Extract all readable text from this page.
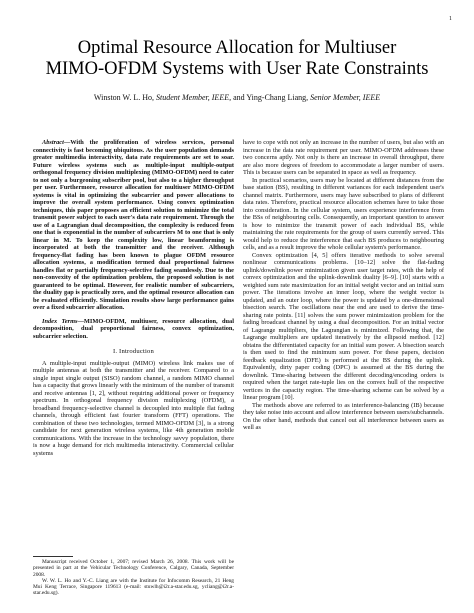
1
Optimal Resource Allocation for Multiuser
MIMO-OFDM Systems with User Rate Constraints
Winston W. L. Ho, Student Member, IEEE, and Ying-Chang Liang, Senior Member, IEEE

Abstract—With the proliferation of wireless services, personal connectivity is fast becoming ubiquitous. As the user population demands greater multimedia interactivity, data rate requirements are set to soar. Future wireless systems such as multiple-input multiple-output orthogonal frequency division multiplexing (MIMO-OFDM) need to cater to not only a burgeoning subscriber pool, but also to a higher throughput per user. Furthermore, resource allocation for multiuser MIMO-OFDM systems is vital in optimizing the subcarrier and power allocations to improve the overall system performance. Using convex optimization techniques, this paper proposes an efficient solution to minimize the total transmit power subject to each user's data rate requirement. Through the use of a Lagrangian dual decomposition, the complexity is reduced from one that is exponential in the number of subcarriers M to one that is only linear in M. To keep the complexity low, linear beamforming is incorporated at both the transmitter and the receiver. Although frequency-flat fading has been known to plague OFDM resource allocation systems, a modification termed dual proportional fairness handles flat or partially frequency-selective fading seamlessly. Due to the non-convexity of the optimization problem, the proposed solution is not guaranteed to be optimal. However, for realistic number of subcarriers, the duality gap is practically zero, and the optimal resource allocation can be evaluated efficiently. Simulation results show large performance gains over a fixed subcarrier allocation.

Index Terms—MIMO-OFDM, multiuser, resource allocation, dual decomposition, dual proportional fairness, convex optimization, subcarrier selection.

I. Introduction

A multiple-input multiple-output (MIMO) wireless link makes use of multiple antennas at both the transmitter and the receiver. Compared to a single input single output (SISO) random channel, a random MIMO channel has a capacity that grows linearly with the minimum of the number of transmit and receive antennas [1, 2], without requiring additional power or frequency spectrum. In orthogonal frequency division multiplexing (OFDM), a broadband frequency-selective channel is decoupled into multiple flat fading channels, through efficient fast fourier transform (FFT) operations. The combination of these two technologies, termed MIMO-OFDM [3], is a strong candidate for next generation wireless systems, like 4th generation mobile communications. With the increase in the technology savvy population, there is now a huge demand for rich multimedia interactivity. Commercial cellular systems

Manuscript received October 1, 2007; revised March 26, 2008. This work will be presented in part at the Vehicular Technology Conference, Calgary, Canada, September 2008.

W. W. L. Ho and Y.-C. Liang are with the Institute for Infocomm Research, 21 Heng Mui Keng Terrace, Singapore 119613 (e-mail: stuwlh@i2r.a-star.edu.sg, ycliang@i2r.a-star.edu.sg).

have to cope with not only an increase in the number of users, but also with an increase in the data rate requirement per user. MIMO-OFDM addresses these two concerns aptly. Not only is there an increase in overall throughput, there are also more degrees of freedom to accommodate a larger number of users. This is because users can be separated in space as well as frequency.

In practical scenarios, users may be located at different distances from the base station (BS), resulting in different variances for each independent user's channel matrix. Furthermore, users may have subscribed to plans of different data rates. Therefore, practical resource allocation schemes have to take those into consideration. In the cellular system, users experience interference from the BSs of neighbouring cells. Consequently, an important question to answer is how to minimize the transmit power of each individual BS, while maintaining the rate requirements for the group of users currently served. This would help to reduce the interference that each BS produces to neighbouring cells, and as a result improve the whole cellular system's performance.

Convex optimization [4, 5] offers iterative methods to solve several nonlinear communications problems. [10–12] solve the flat-fading uplink/downlink power minimization given user target rates, with the help of convex optimization and the uplink-downlink duality [6–9]. [10] starts with a weighted sum rate maximization for an initial weight vector and an initial sum power. The iterations involve an inner loop, where the weight vector is updated, and an outer loop, where the power is updated by a one-dimensional bisection search. The oscillations near the end are used to derive the time-sharing rate points. [11] solves the sum power minimization problem for the fading broadcast channel by using a dual decomposition. For an initial vector of Lagrange multipliers, the Lagrangian is minimized. Following that, the Lagrange multipliers are updated iteratively by the ellipsoid method. [12] obtains the differentiated capacity for an initial sum power. A bisection search is then used to find the minimum sum power. For these papers, decision feedback equalization (DFE) is performed at the BS during the uplink. Equivalently, dirty paper coding (DPC) is assumed at the BS during the downlink. Time-sharing between the different decoding/encoding orders is required when the target rate-tuple lies on the convex hull of the respective vertices in the capacity region. The time-sharing scheme can be solved by a linear program [10].

The methods above are referred to as interference-balancing (IB) because they take noise into account and allow interference between users/subchannels. On the other hand, methods that cancel out all interference between users as well as
